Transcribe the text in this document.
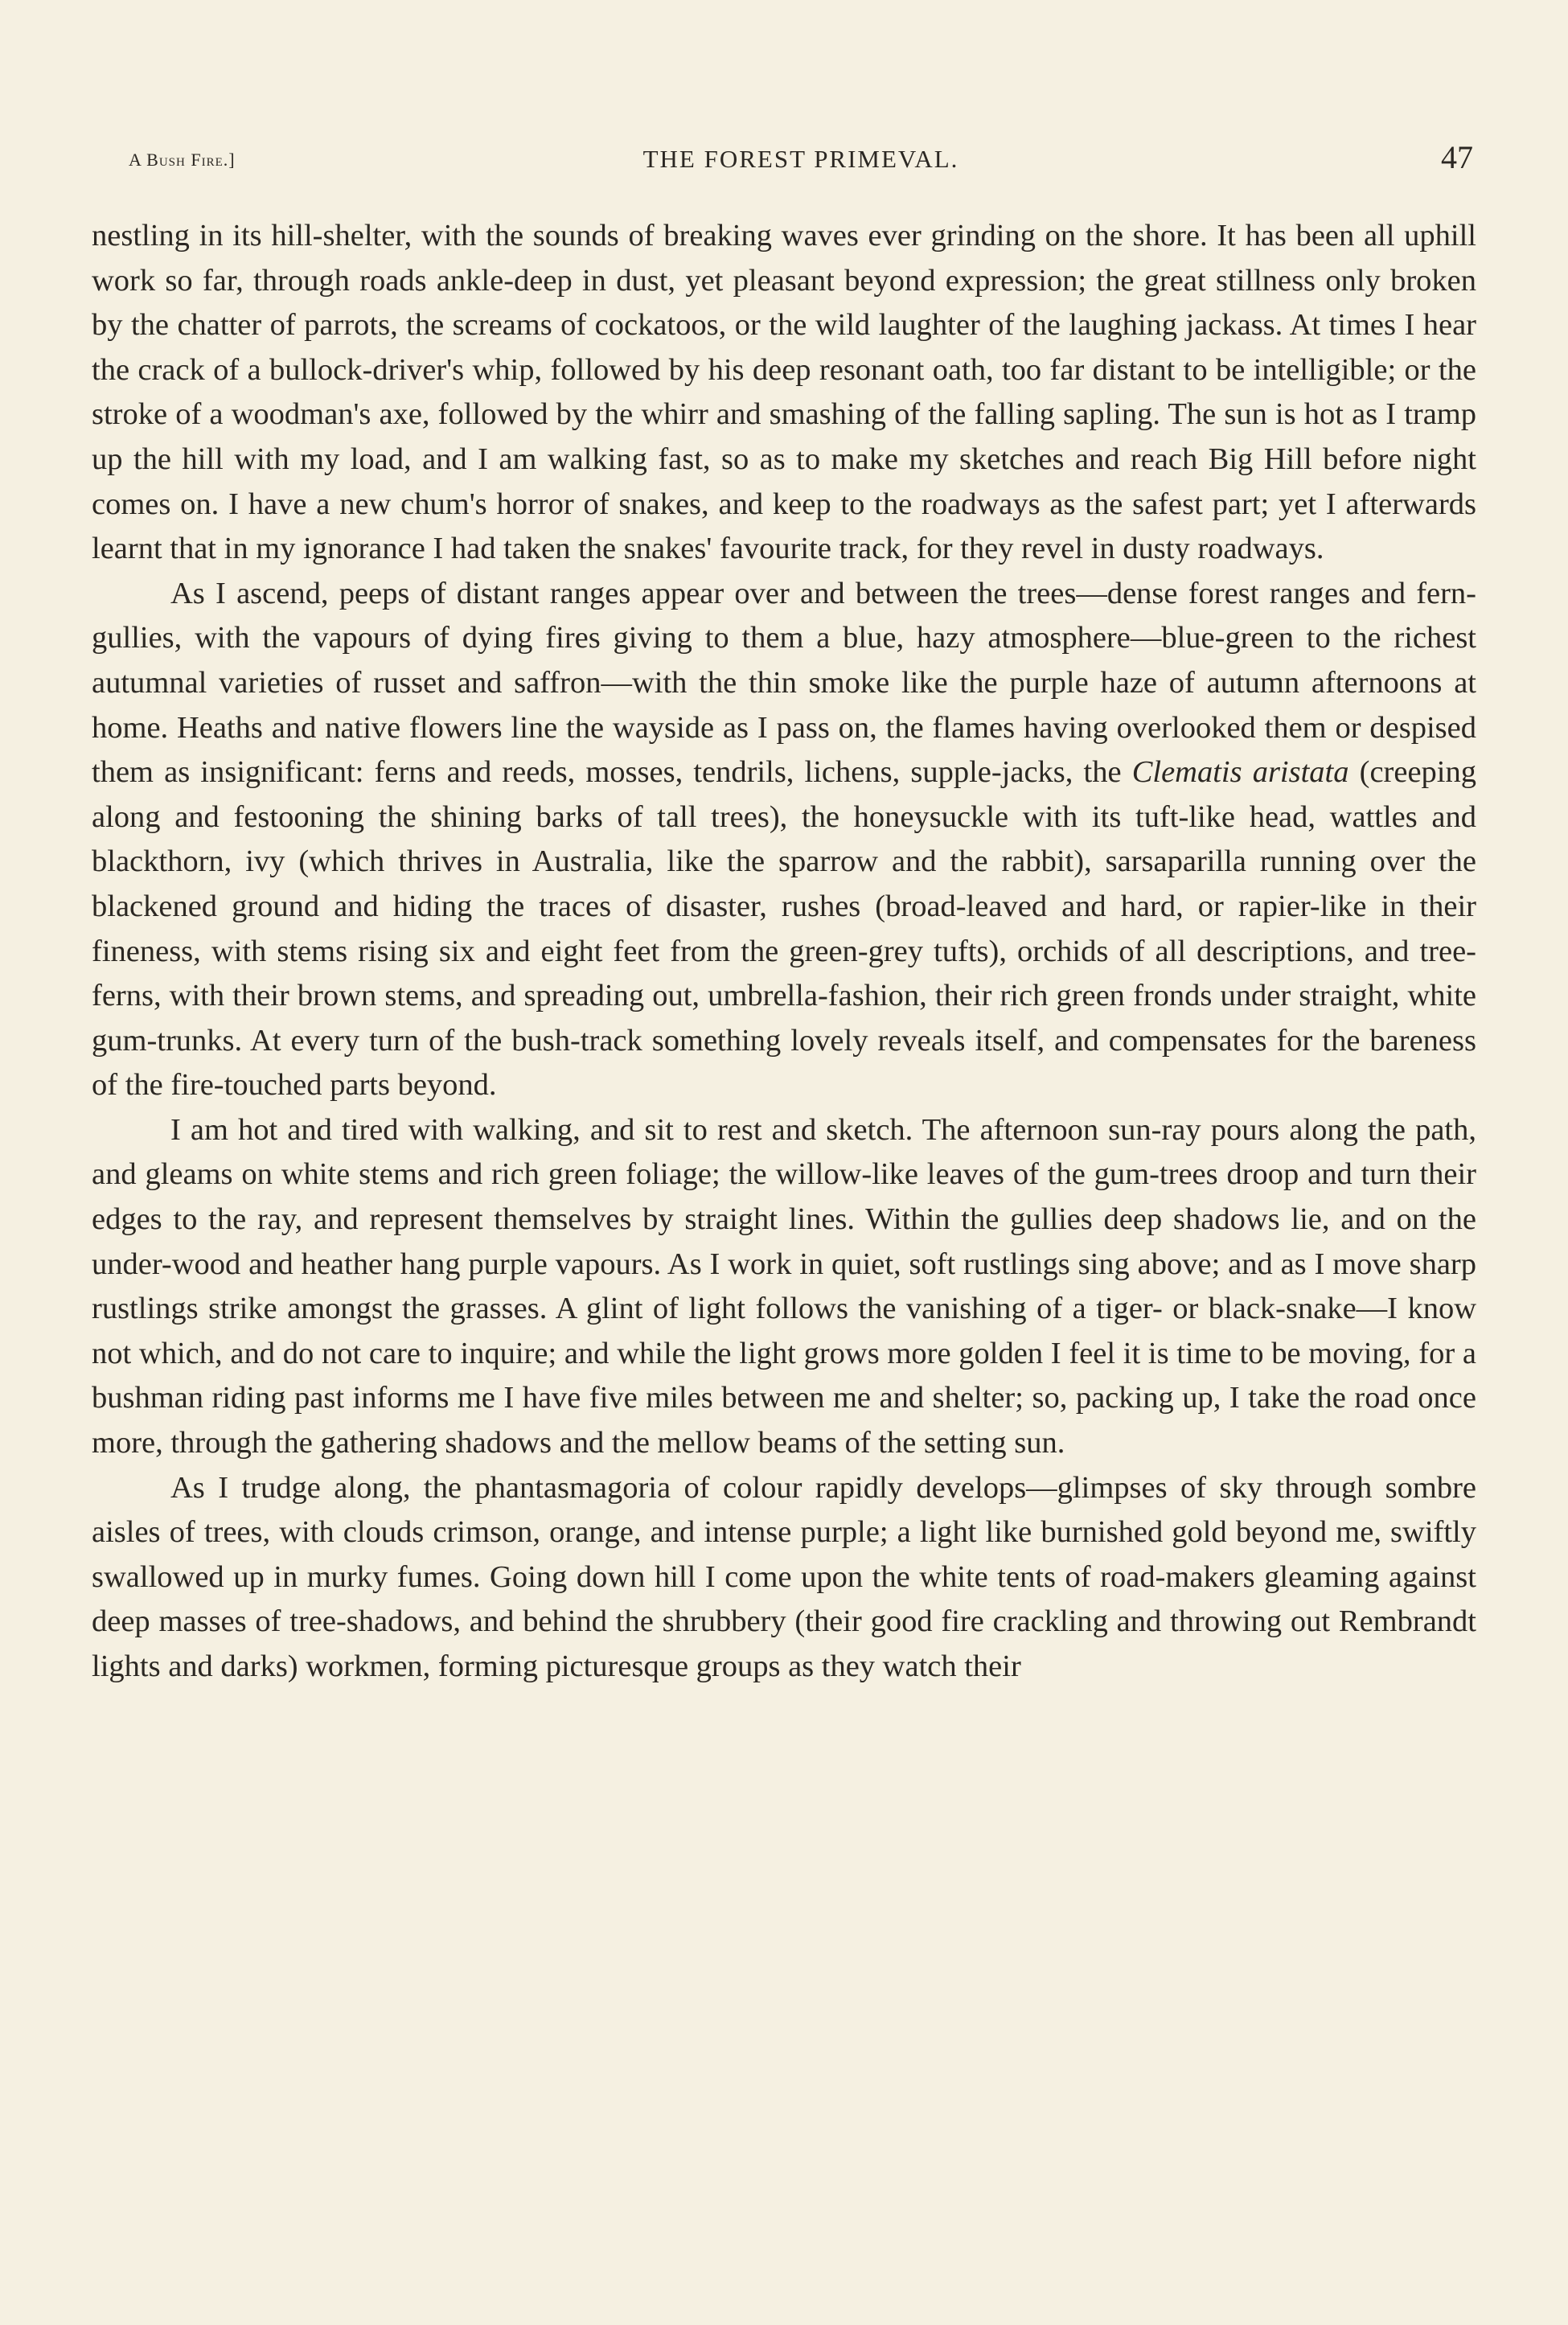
A Bush Fire.]	THE FOREST PRIMEVAL.	47

nestling in its hill-shelter, with the sounds of breaking waves ever grinding on the shore. It has been all uphill work so far, through roads ankle-deep in dust, yet pleasant beyond expression; the great stillness only broken by the chatter of parrots, the screams of cockatoos, or the wild laughter of the laughing jackass. At times I hear the crack of a bullock-driver's whip, followed by his deep resonant oath, too far distant to be intelligible; or the stroke of a woodman's axe, followed by the whirr and smashing of the falling sapling. The sun is hot as I tramp up the hill with my load, and I am walking fast, so as to make my sketches and reach Big Hill before night comes on. I have a new chum's horror of snakes, and keep to the roadways as the safest part; yet I afterwards learnt that in my ignorance I had taken the snakes' favourite track, for they revel in dusty roadways.

As I ascend, peeps of distant ranges appear over and between the trees—dense forest ranges and fern-gullies, with the vapours of dying fires giving to them a blue, hazy atmosphere—blue-green to the richest autumnal varieties of russet and saffron—with the thin smoke like the purple haze of autumn afternoons at home. Heaths and native flowers line the wayside as I pass on, the flames having overlooked them or despised them as insignificant: ferns and reeds, mosses, tendrils, lichens, supple-jacks, the Clematis aristata (creeping along and festooning the shining barks of tall trees), the honeysuckle with its tuft-like head, wattles and blackthorn, ivy (which thrives in Australia, like the sparrow and the rabbit), sarsaparilla running over the blackened ground and hiding the traces of disaster, rushes (broad-leaved and hard, or rapier-like in their fineness, with stems rising six and eight feet from the green-grey tufts), orchids of all descriptions, and tree-ferns, with their brown stems, and spreading out, umbrella-fashion, their rich green fronds under straight, white gum-trunks. At every turn of the bush-track something lovely reveals itself, and compensates for the bareness of the fire-touched parts beyond.

I am hot and tired with walking, and sit to rest and sketch. The afternoon sun-ray pours along the path, and gleams on white stems and rich green foliage; the willow-like leaves of the gum-trees droop and turn their edges to the ray, and represent themselves by straight lines. Within the gullies deep shadows lie, and on the under-wood and heather hang purple vapours. As I work in quiet, soft rustlings sing above; and as I move sharp rustlings strike amongst the grasses. A glint of light follows the vanishing of a tiger- or black-snake—I know not which, and do not care to inquire; and while the light grows more golden I feel it is time to be moving, for a bushman riding past informs me I have five miles between me and shelter; so, packing up, I take the road once more, through the gathering shadows and the mellow beams of the setting sun.

As I trudge along, the phantasmagoria of colour rapidly develops—glimpses of sky through sombre aisles of trees, with clouds crimson, orange, and intense purple; a light like burnished gold beyond me, swiftly swallowed up in murky fumes. Going down hill I come upon the white tents of road-makers gleaming against deep masses of tree-shadows, and behind the shrubbery (their good fire crackling and throwing out Rembrandt lights and darks) workmen, forming picturesque groups as they watch their
